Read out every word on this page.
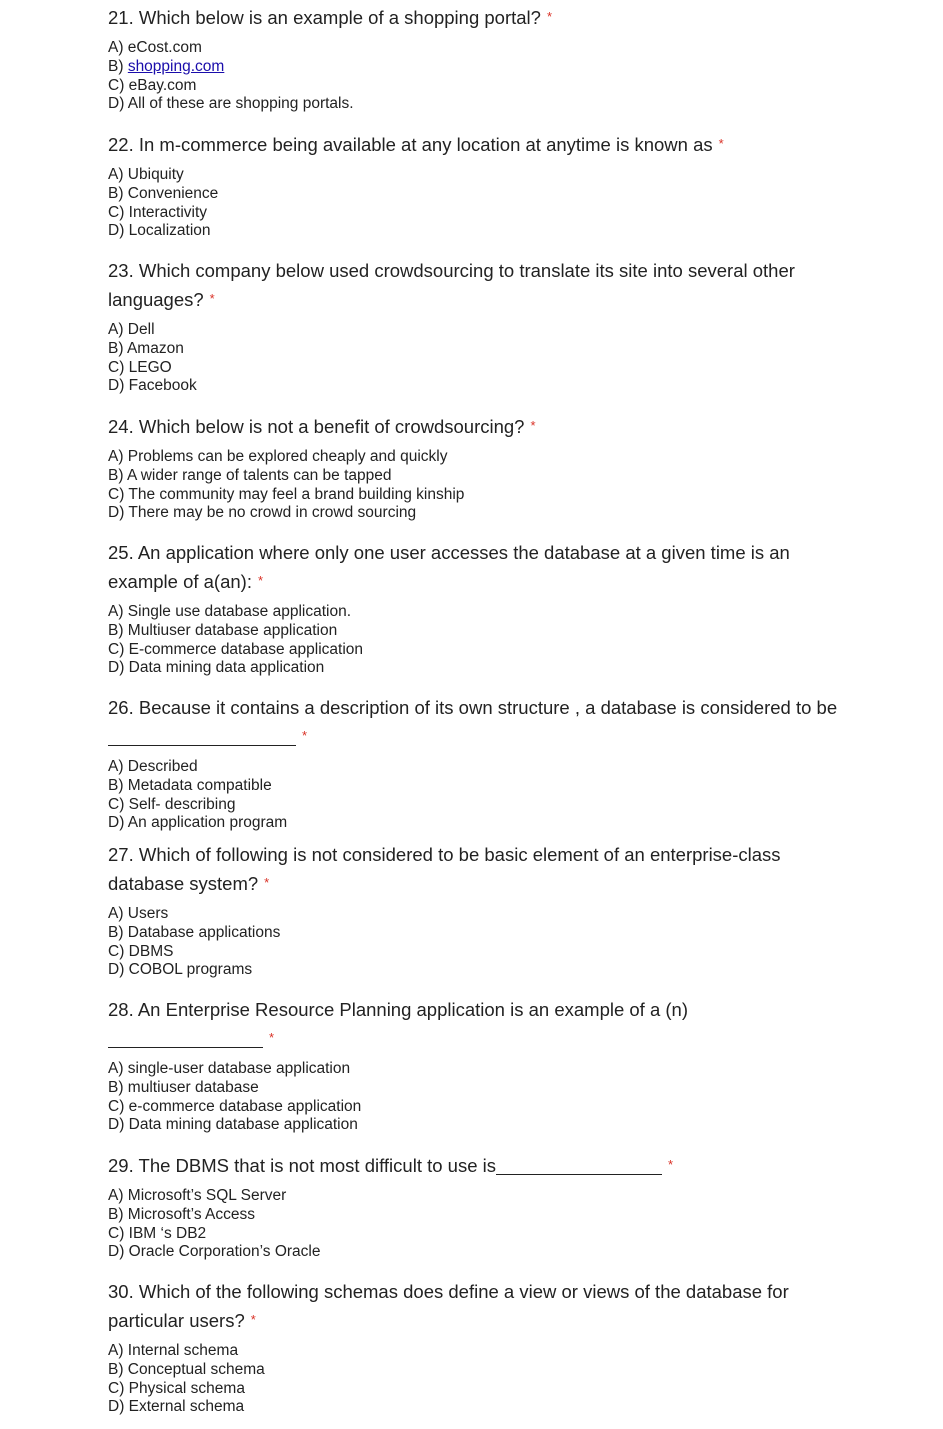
21. Which below is an example of a shopping portal? *
A) eCost.com
B) shopping.com
C) eBay.com
D) All of these are shopping portals.
22. In m-commerce being available at any location at anytime is known as *
A) Ubiquity
B) Convenience
C) Interactivity
D) Localization
23. Which company below used crowdsourcing to translate its site into several other languages? *
A) Dell
B) Amazon
C) LEGO
D) Facebook
24. Which below is not a benefit of crowdsourcing? *
A) Problems can be explored cheaply and quickly
B) A wider range of talents can be tapped
C) The community may feel a brand building kinship
D) There may be no crowd in crowd sourcing
25. An application where only one user accesses the database at a given time is an example of a(an): *
A) Single use database application.
B) Multiuser database application
C) E-commerce database application
D) Data mining data application
26. Because it contains a description of its own structure , a database is considered to be *
A) Described
B) Metadata compatible
C) Self- describing
D) An application program
27. Which of following is not considered to be basic element of an enterprise-class database system? *
A) Users
B) Database applications
C) DBMS
D) COBOL programs
28. An Enterprise Resource Planning application is an example of a (n)*
A) single-user database application
B) multiuser database
C) e-commerce database application
D) Data mining database application
29. The DBMS that is not most difficult to use is	*
A) Microsoft’s SQL Server
B) Microsoft’s Access
C) IBM ‘s DB2
D) Oracle Corporation’s Oracle
30. Which of the following schemas does define a view or views of the database for particular users? *
A) Internal schema
B) Conceptual schema
C) Physical schema
D) External schema
